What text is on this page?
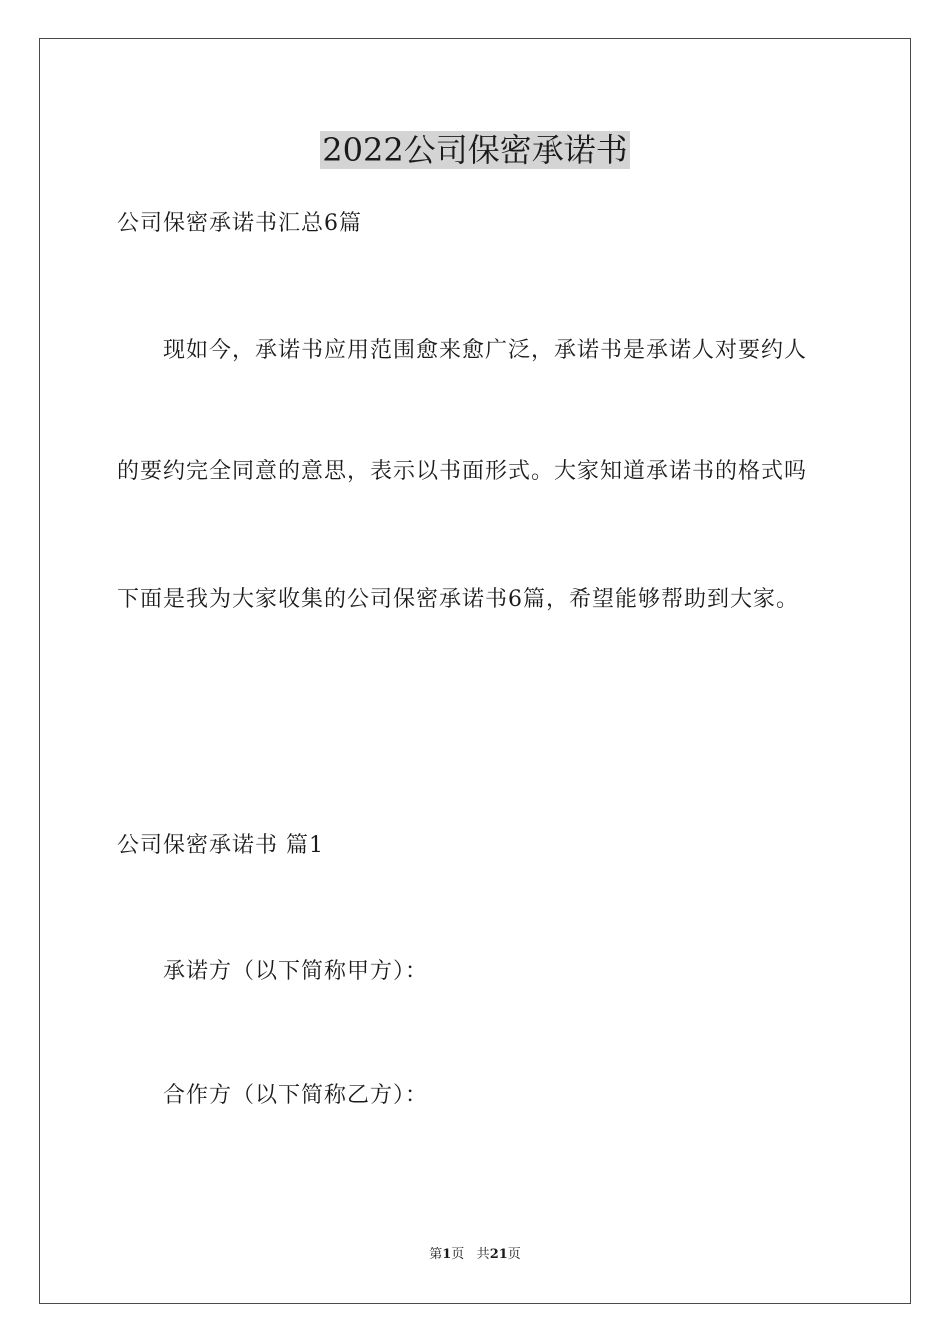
2022公司保密承诺书
公司保密承诺书汇总6篇
现如今，承诺书应用范围愈来愈广泛，承诺书是承诺人对要约人
的要约完全同意的意思，表示以书面形式。大家知道承诺书的格式吗
下面是我为大家收集的公司保密承诺书6篇，希望能够帮助到大家。
公司保密承诺书 篇1
承诺方（以下简称甲方）：
合作方（以下简称乙方）：
第1页 共21页
